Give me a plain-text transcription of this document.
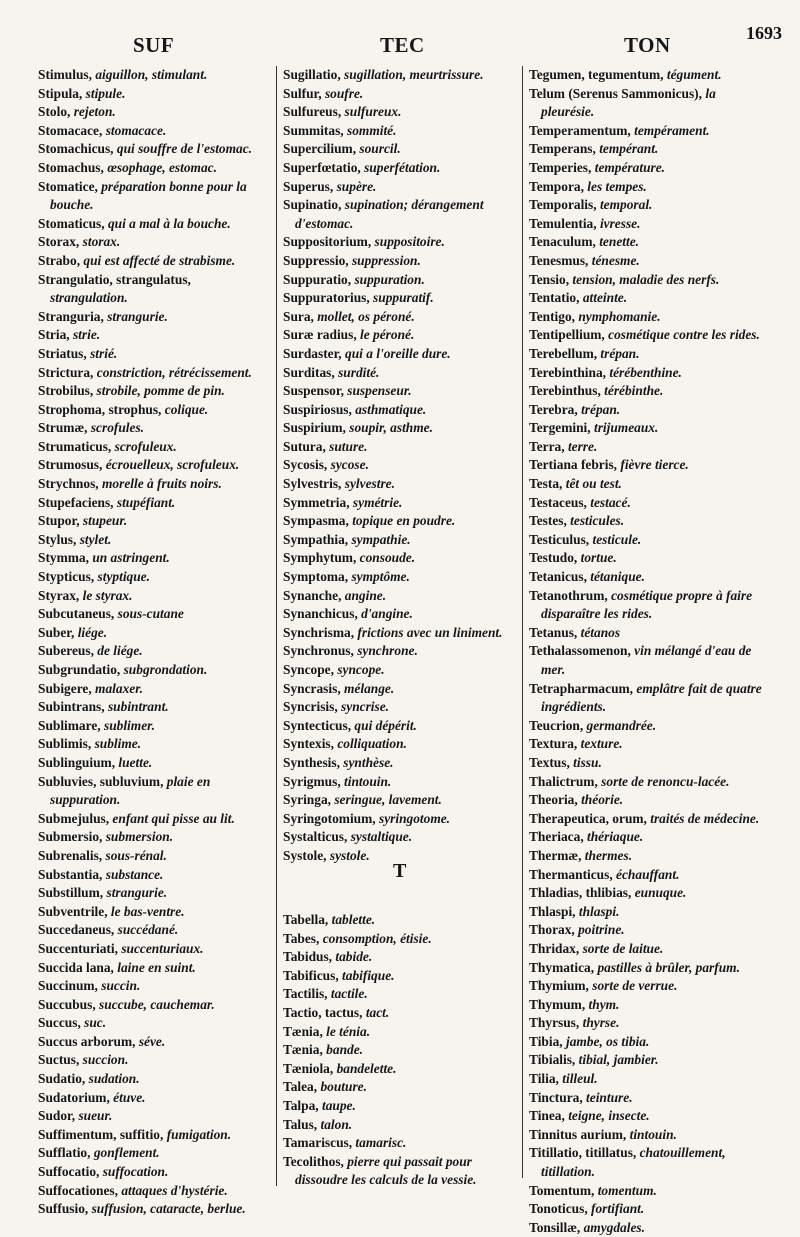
SUF	TEC	TON	1693
Stimulus, aiguillon, stimulant.
Stipula, stipule.
Stolo, rejeton.
Stomacace, stomacace.
Stomachicus, qui souffre de l'estomac.
Stomachus, œsophage, estomac.
Stomatice, préparation bonne pour la bouche.
Stomaticus, qui a mal à la bouche.
Storax, storax.
Strabo, qui est affecté de strabisme.
Strangulatio, strangulatus, strangulation.
Stranguria, strangurie.
Stria, strie.
Striatus, strié.
Strictura, constriction, rétrécissement.
Strobilus, strobile, pomme de pin.
Strophoma, strophus, colique.
Strumæ, scrofules.
Strumaticus, scrofuleux.
Strumosus, écrouelleux, scrofuleux.
Strychnos, morelle à fruits noirs.
Stupefaciens, stupéfiant.
Stupor, stupeur.
Stylus, stylet.
Stymma, un astringent.
Stypticus, styptique.
Styrax, le styrax.
Subcutaneus, sous-cutane
Suber, liége.
Subereus, de liége.
Subgrundatio, subgrondation.
Subigere, malaxer.
Subintrans, subintrant.
Sublimare, sublimer.
Sublimis, sublime.
Sublinguium, luette.
Subluvies, subluvium, plaie en suppuration.
Submejulus, enfant qui pisse au lit.
Submersio, submersion.
Subrenalis, sous-rénal.
Substantia, substance.
Substillum, strangurie.
Subventrile, le bas-ventre.
Succedaneus, succédané.
Succenturiati, succenturiaux.
Succida lana, laine en suint.
Succinum, succin.
Succubus, succube, cauchemar.
Succus, suc.
Succus arborum, séve.
Suctus, succion.
Sudatio, sudation.
Sudatorium, étuve.
Sudor, sueur.
Suffimentum, suffitio, fumigation.
Sufflatio, gonflement.
Suffocatio, suffocation.
Suffocationes, attaques d'hystérie.
Suffusio, suffusion, cataracte, berlue.
Sugillatio, sugillation, meurtrissure.
Sulfur, soufre.
Sulfureus, sulfureux.
Summitas, sommité.
Supercilium, sourcil.
Superfœtatio, superfétation.
Superus, supère.
Supinatio, supination; dérangement d'estomac.
Suppositorium, suppositoire.
Suppressio, suppression.
Suppuratio, suppuration.
Suppuratorius, suppuratif.
Sura, mollet, os péroné.
Suræ radius, le péroné.
Surdaster, qui a l'oreille dure.
Surditas, surdité.
Suspensor, suspenseur.
Suspiriosus, asthmatique.
Suspirium, soupir, asthme.
Sutura, suture.
Sycosis, sycose.
Sylvestris, sylvestre.
Symmetria, symétrie.
Sympasma, topique en poudre.
Sympathia, sympathie.
Symphytum, consoude.
Symptoma, symptôme.
Synanche, angine.
Synanchicus, d'angine.
Synchrisma, frictions avec un liniment.
Synchronus, synchrone.
Syncope, syncope.
Syncrasis, mélange.
Syncrisis, syncrise.
Syntecticus, qui dépérit.
Syntexis, colliquation.
Synthesis, synthèse.
Syrigmus, tintouin.
Syringa, seringue, lavement.
Syringotomium, syringotome.
Systalticus, systaltique.
Systole, systole.
T
Tabella, tablette.
Tabes, consomption, étisie.
Tabidus, tabide.
Tabificus, tabifique.
Tactilis, tactile.
Tactio, tactus, tact.
Tænia, le ténia.
Tænia, bande.
Tæniola, bandelette.
Talea, bouture.
Talpa, taupe.
Talus, talon.
Tamariscus, tamarisc.
Tecolithos, pierre qui passait pour dissoudre les calculs de la vessie.
Tegumen, tegumentum, tégument.
Telum (Serenus Sammonicus), la pleurésie.
Temperamentum, tempérament.
Temperans, tempérant.
Temperies, température.
Tempora, les tempes.
Temporalis, temporal.
Temulentia, ivresse.
Tenaculum, tenette.
Tenesmus, ténesme.
Tensio, tension, maladie des nerfs.
Tentatio, atteinte.
Tentigo, nymphomanie.
Tentipellium, cosmétique contre les rides.
Terebellum, trépan.
Terebinthina, térébenthine.
Terebinthus, térébinthe.
Terebra, trépan.
Tergemini, trijumeaux.
Terra, terre.
Tertiana febris, fièvre tierce.
Testa, têt ou test.
Testaceus, testacé.
Testes, testicules.
Testiculus, testicule.
Testudo, tortue.
Tetanicus, tétanique.
Tetanothrum, cosmétique propre à faire disparaître les rides.
Tetanus, tétanos
Tethalassomenon, vin mélangé d'eau de mer.
Tetrapharmacum, emplâtre fait de quatre ingrédients.
Teucrion, germandrée.
Textura, texture.
Textus, tissu.
Thalictrum, sorte de renoncu-lacée.
Theoria, théorie.
Therapeutica, orum, traités de médecine.
Theriaca, thériaque.
Thermæ, thermes.
Thermanticus, échauffant.
Thladias, thlibias, eunuque.
Thlaspi, thlaspi.
Thorax, poitrine.
Thridax, sorte de laitue.
Thymatica, pastilles à brûler, parfum.
Thymium, sorte de verrue.
Thymum, thym.
Thyrsus, thyrse.
Tibia, jambe, os tibia.
Tibialis, tibial, jambier.
Tilia, tilleul.
Tinctura, teinture.
Tinea, teigne, insecte.
Tinnitus aurium, tintouin.
Titillatio, titillatus, chatouillement, titillation.
Tomentum, tomentum.
Tonoticus, fortifiant.
Tonsillæ, amygdales.
